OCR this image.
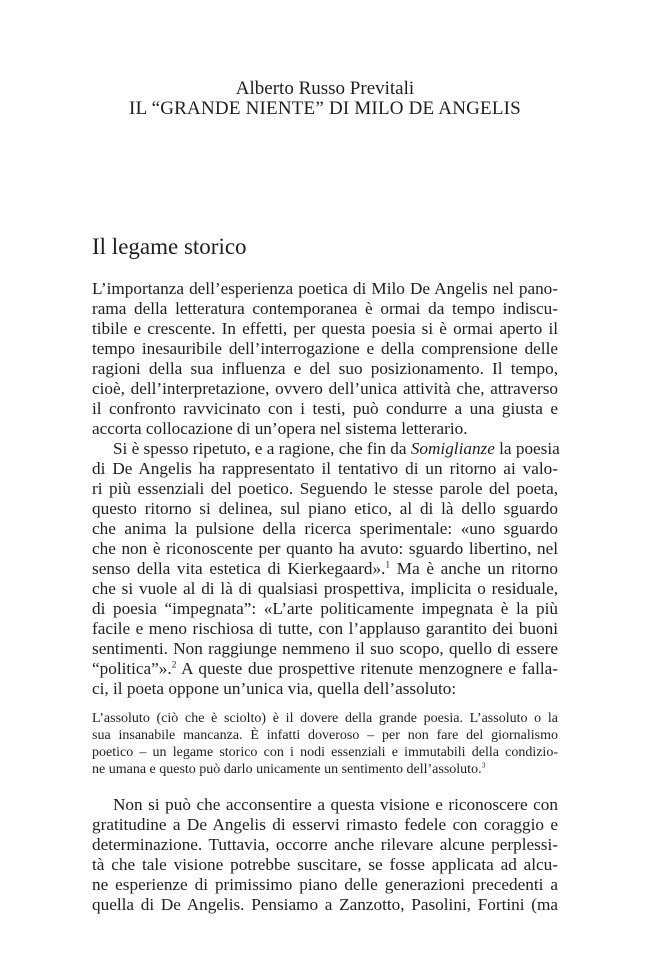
Alberto Russo Previtali
IL “GRANDE NIENTE” DI MILO DE ANGELIS
Il legame storico
L’importanza dell’esperienza poetica di Milo De Angelis nel pano-
rama della letteratura contemporanea è ormai da tempo indiscu-
tibile e crescente. In effetti, per questa poesia si è ormai aperto il
tempo inesauribile dell’interrogazione e della comprensione delle
ragioni della sua influenza e del suo posizionamento. Il tempo,
cioè, dell’interpretazione, ovvero dell’unica attività che, attraverso
il confronto ravvicinato con i testi, può condurre a una giusta e
accorta collocazione di un’opera nel sistema letterario.
Si è spesso ripetuto, e a ragione, che fin da Somiglianze la poesia
di De Angelis ha rappresentato il tentativo di un ritorno ai valo-
ri più essenziali del poetico. Seguendo le stesse parole del poeta,
questo ritorno si delinea, sul piano etico, al di là dello sguardo
che anima la pulsione della ricerca sperimentale: «uno sguardo
che non è riconoscente per quanto ha avuto: sguardo libertino, nel
senso della vita estetica di Kierkegaard».$^1$ Ma è anche un ritorno
che si vuole al di là di qualsiasi prospettiva, implicita o residuale,
di poesia “impegnata”: «L’arte politicamente impegnata è la più
facile e meno rischiosa di tutte, con l’applauso garantito dei buoni
sentimenti. Non raggiunge nemmeno il suo scopo, quello di essere
“politica”».$^2$ A queste due prospettive ritenute menzognere e falla-
ci, il poeta oppone un’unica via, quella dell’assoluto:
L’assoluto (ciò che è sciolto) è il dovere della grande poesia. L’assoluto o la
sua insanabile mancanza. È infatti doveroso – per non fare del giornalismo
poetico – un legame storico con i nodi essenziali e immutabili della condizio-
ne umana e questo può darlo unicamente un sentimento dell’assoluto.$^3$
Non si può che acconsentire a questa visione e riconoscere con
gratitudine a De Angelis di esservi rimasto fedele con coraggio e
determinazione. Tuttavia, occorre anche rilevare alcune perplessi-
tà che tale visione potrebbe suscitare, se fosse applicata ad alcu-
ne esperienze di primissimo piano delle generazioni precedenti a
quella di De Angelis. Pensiamo a Zanzotto, Pasolini, Fortini (ma
